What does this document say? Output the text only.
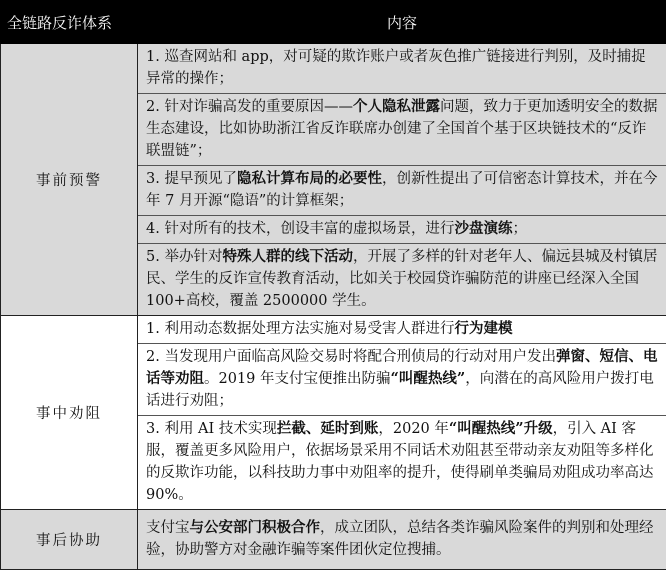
全链路反诈体系	内容
事前预警	1. 巡查网站和 app，对可疑的欺诈账户或者灰色推广链接进行判别，及时捕捉异常的操作；
2. 针对诈骗高发的重要原因——个人隐私泄露问题，致力于更加透明安全的数据生态建设，比如协助浙江省反诈联席办创建了全国首个基于区块链技术的“反诈联盟链”；
3. 提早预见了隐私计算布局的必要性，创新性提出了可信密态计算技术，并在今年 7 月开源“隐语”的计算框架；
4. 针对所有的技术，创设丰富的虚拟场景，进行沙盘演练；
5. 举办针对特殊人群的线下活动，开展了多样的针对老年人、偏远县城及村镇居民、学生的反诈宣传教育活动，比如关于校园贷诈骗防范的讲座已经深入全国 100+高校，覆盖 2500000 学生。

事中劝阻	1. 利用动态数据处理方法实施对易受害人群进行行为建模
2. 当发现用户面临高风险交易时将配合刑侦局的行动对用户发出弹窗、短信、电话等劝阻。2019 年支付宝便推出防骗“叫醒热线”，向潜在的高风险用户拨打电话进行劝阻；
3. 利用 AI 技术实现拦截、延时到账，2020 年“叫醒热线”升级，引入 AI 客服，覆盖更多风险用户，依据场景采用不同话术劝阻甚至带动亲友劝阻等多样化的反欺诈功能，以科技助力事中劝阻率的提升，使得刷单类骗局劝阻成功率高达 90%。

事后协助	支付宝与公安部门积极合作，成立团队，总结各类诈骗风险案件的判别和处理经验，协助警方对金融诈骗等案件团伙定位搜捕。
